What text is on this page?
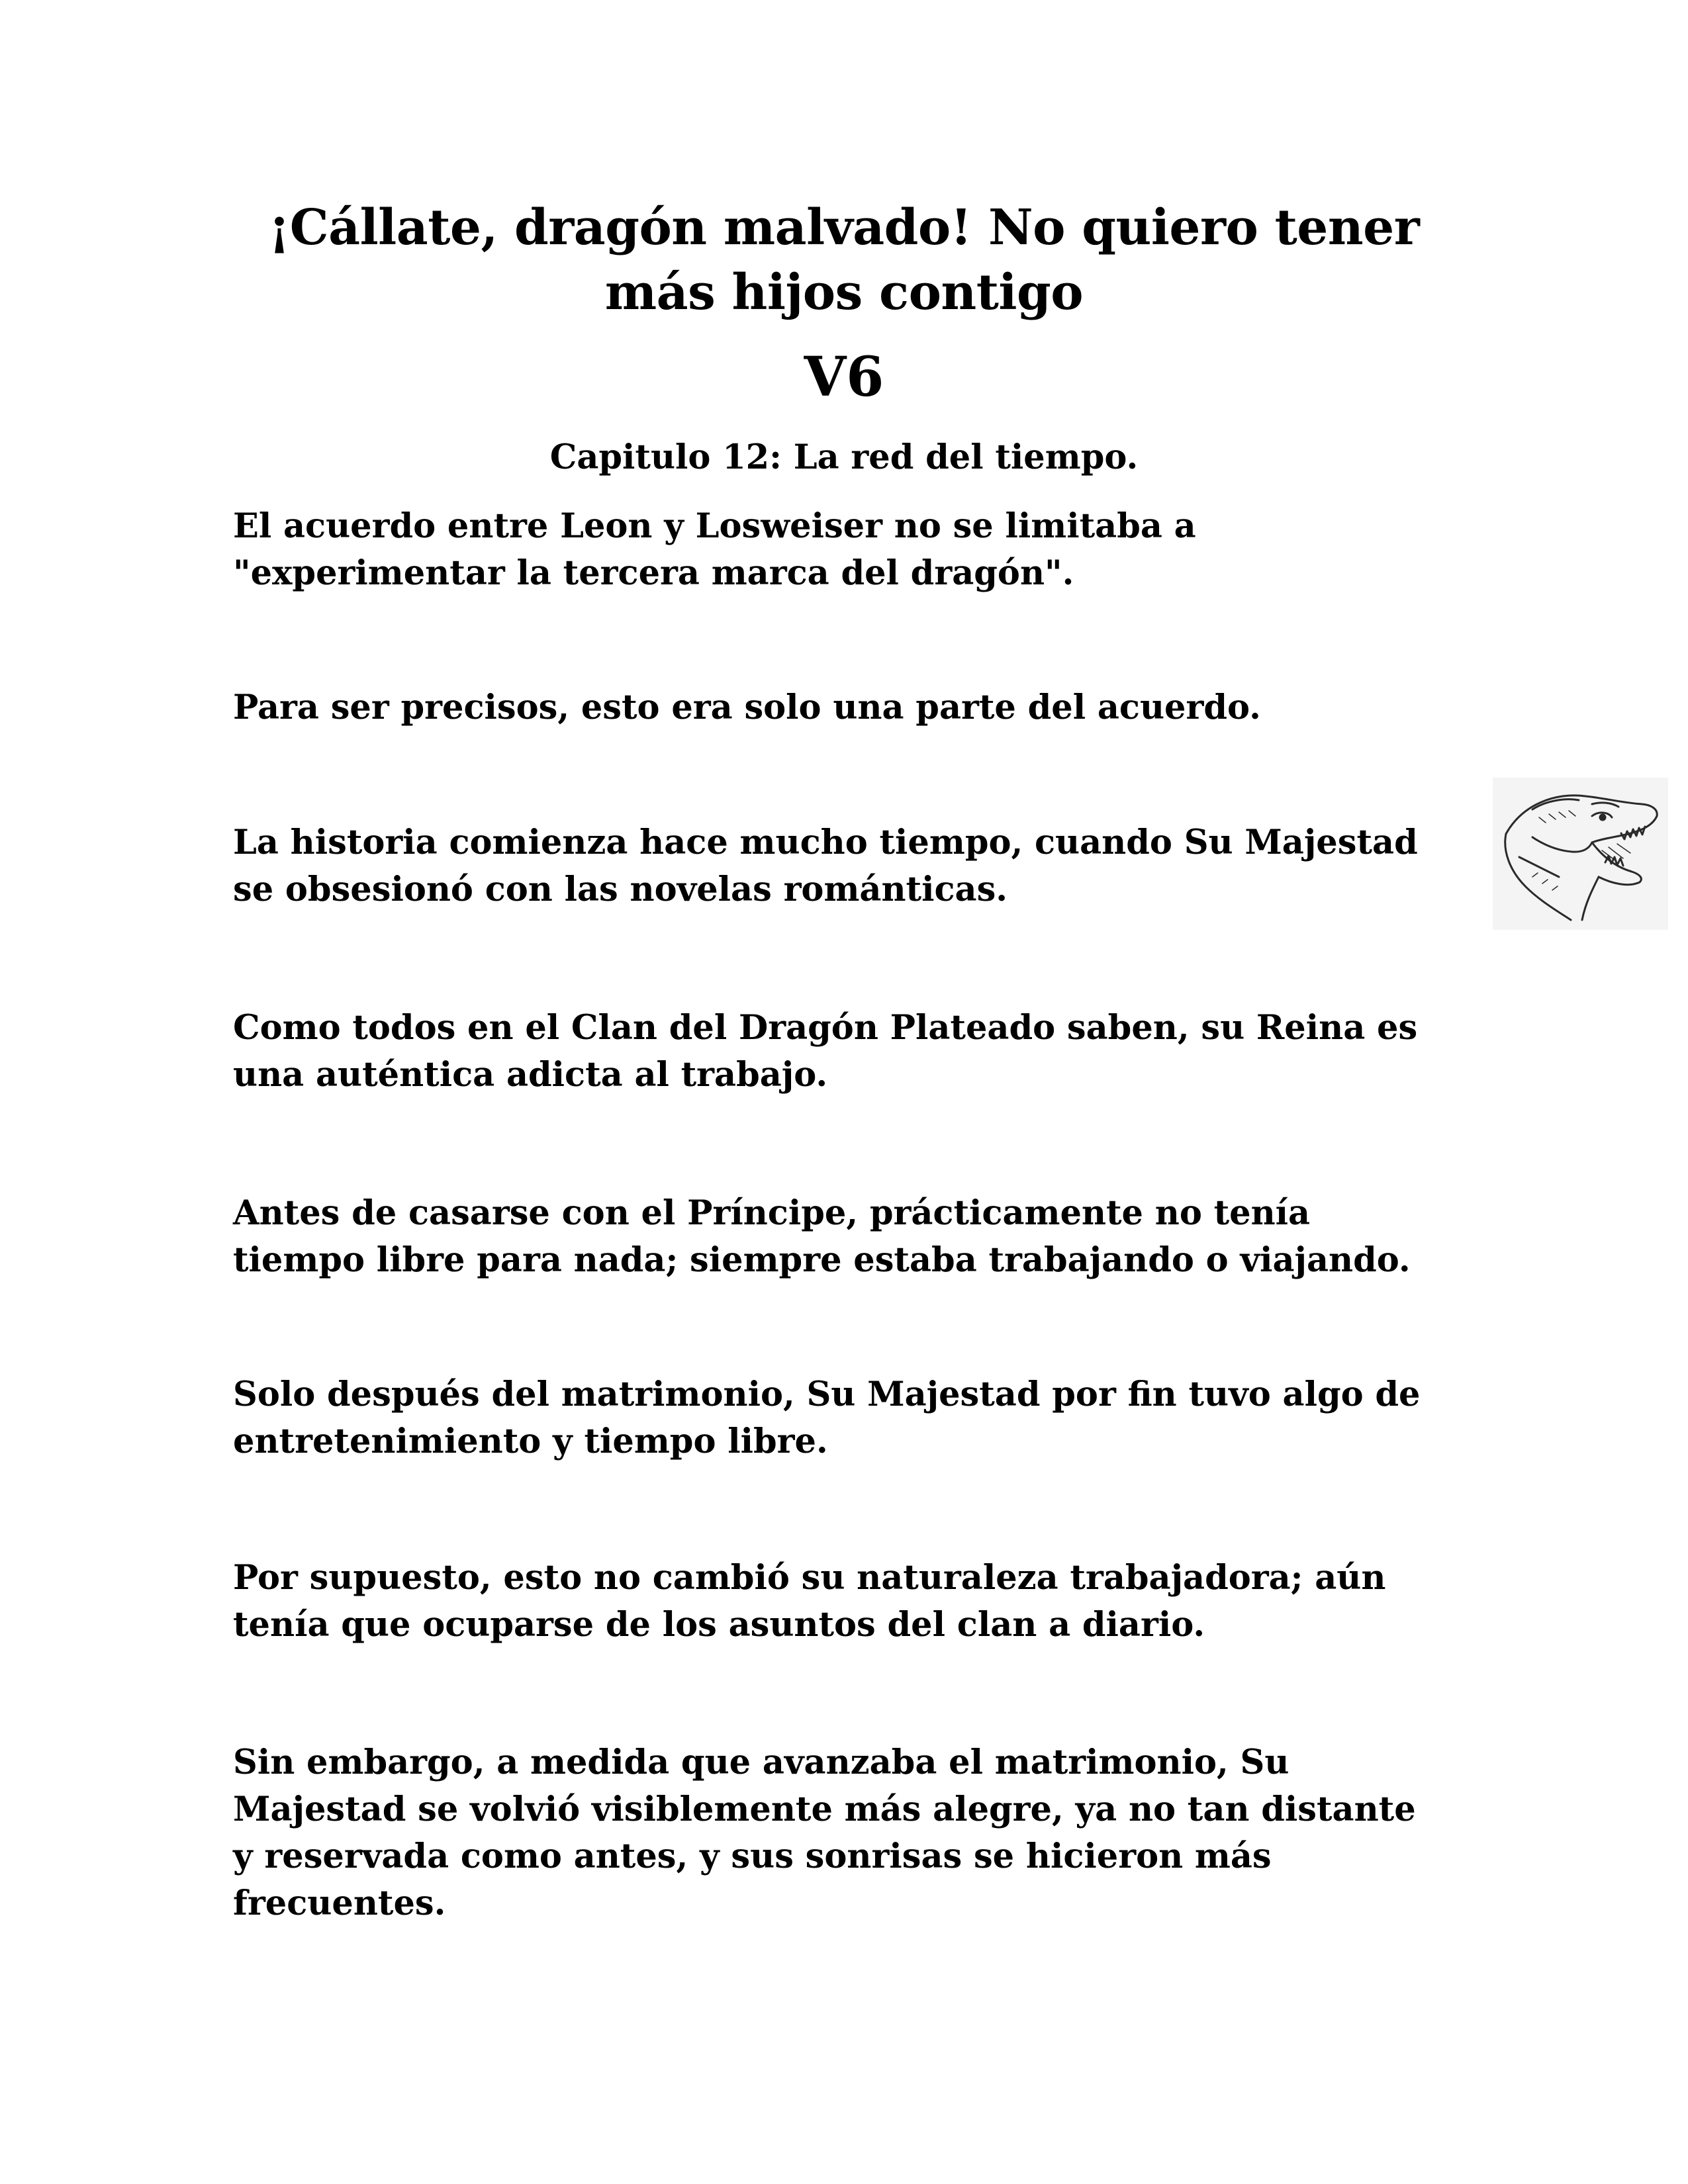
¡Cállate, dragón malvado! No quiero tener
más hijos contigo
V6
Capitulo 12: La red del tiempo.

El acuerdo entre Leon y Losweiser no se limitaba a
"experimentar la tercera marca del dragón".

Para ser precisos, esto era solo una parte del acuerdo.

La historia comienza hace mucho tiempo, cuando Su Majestad
se obsesionó con las novelas románticas.

Como todos en el Clan del Dragón Plateado saben, su Reina es
una auténtica adicta al trabajo.

Antes de casarse con el Príncipe, prácticamente no tenía
tiempo libre para nada; siempre estaba trabajando o viajando.

Solo después del matrimonio, Su Majestad por fin tuvo algo de
entretenimiento y tiempo libre.

Por supuesto, esto no cambió su naturaleza trabajadora; aún
tenía que ocuparse de los asuntos del clan a diario.

Sin embargo, a medida que avanzaba el matrimonio, Su
Majestad se volvió visiblemente más alegre, ya no tan distante
y reservada como antes, y sus sonrisas se hicieron más
frecuentes.
